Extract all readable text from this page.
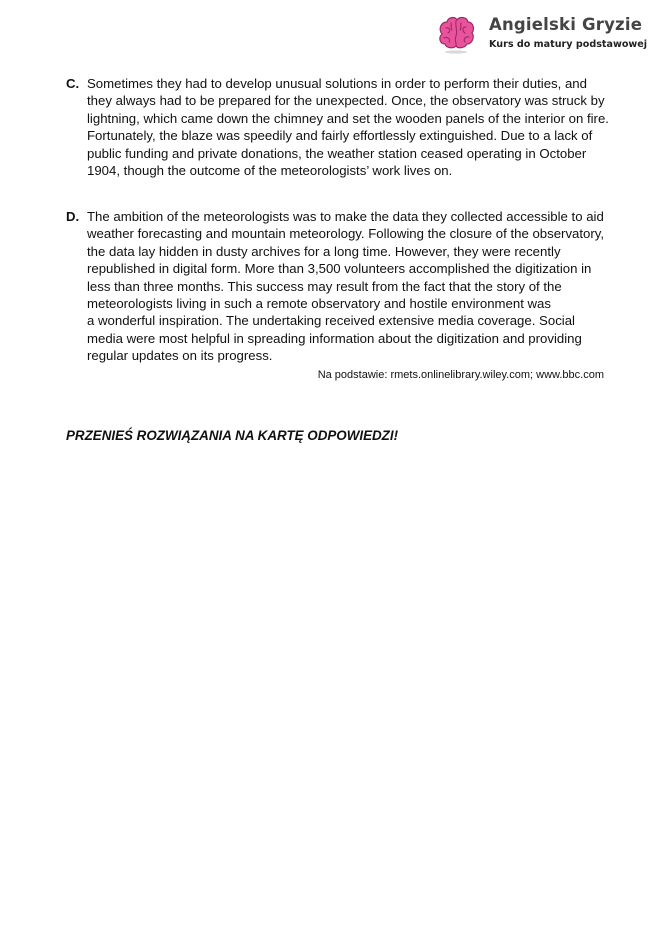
Angielski Gryzie
Kurs do matury podstawowej
C. Sometimes they had to develop unusual solutions in order to perform their duties, and
they always had to be prepared for the unexpected. Once, the observatory was struck by
lightning, which came down the chimney and set the wooden panels of the interior on fire.
Fortunately, the blaze was speedily and fairly effortlessly extinguished. Due to a lack of
public funding and private donations, the weather station ceased operating in October
1904, though the outcome of the meteorologists’ work lives on.
D. The ambition of the meteorologists was to make the data they collected accessible to aid
weather forecasting and mountain meteorology. Following the closure of the observatory,
the data lay hidden in dusty archives for a long time. However, they were recently
republished in digital form. More than 3,500 volunteers accomplished the digitization in
less than three months. This success may result from the fact that the story of the
meteorologists living in such a remote observatory and hostile environment was
a wonderful inspiration. The undertaking received extensive media coverage. Social
media were most helpful in spreading information about the digitization and providing
regular updates on its progress.
Na podstawie: rmets.onlinelibrary.wiley.com; www.bbc.com
PRZENIEŚ ROZWIĄZANIA NA KARTĘ ODPOWIEDZI!
